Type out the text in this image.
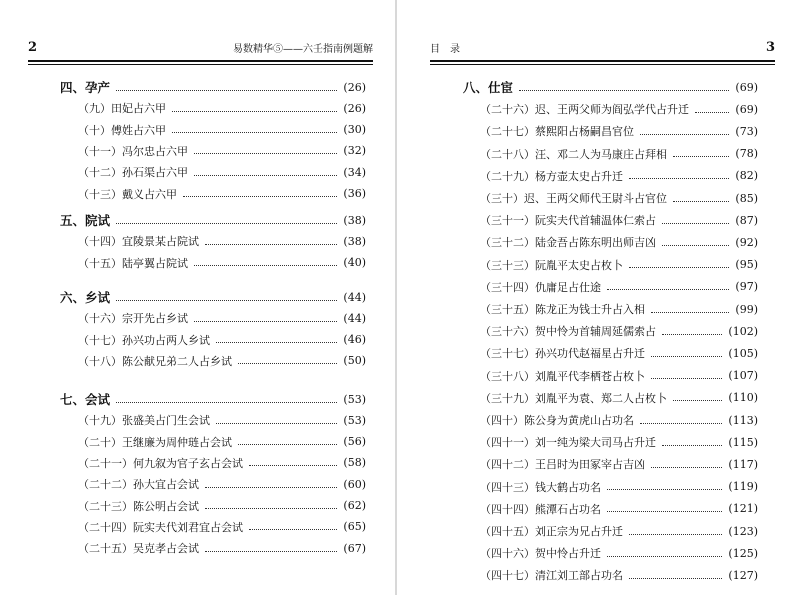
2	易数精华⑤——六壬指南例题解
四、孕产	(26)
（九）田妃占六甲	(26)
（十）傅姓占六甲	(30)
（十一）冯尔忠占六甲	(32)
（十二）孙石渠占六甲	(34)
（十三）戴义占六甲	(36)
五、院试	(38)
（十四）宜陵景某占院试	(38)
（十五）陆亭翼占院试	(40)
六、乡试	(44)
（十六）宗开先占乡试	(44)
（十七）孙兴功占两人乡试	(46)
（十八）陈公献兄弟二人占乡试	(50)
七、会试	(53)
（十九）张盛美占门生会试	(53)
（二十）王继廉为周仲琏占会试	(56)
（二十一）何九叙为官子玄占会试	(58)
（二十二）孙大宜占会试	(60)
（二十三）陈公明占会试	(62)
（二十四）阮实夫代刘君宜占会试	(65)
（二十五）吴克孝占会试	(67)
目　录	3
八、仕宦	(69)
（二十六）迟、王两父师为阎弘学代占升迁	(69)
（二十七）蔡熙阳占杨嗣昌官位	(73)
（二十八）汪、邓二人为马康庄占拜相	(78)
（二十九）杨方壶太史占升迁	(82)
（三十）迟、王两父师代王尉斗占官位	(85)
（三十一）阮实夫代首辅温体仁索占	(87)
（三十二）陆金吾占陈东明出师吉凶	(92)
（三十三）阮胤平太史占枚卜	(95)
（三十四）仇庸足占仕途	(97)
（三十五）陈龙正为钱士升占入相	(99)
（三十六）贺中怜为首辅周延儒索占	(102)
（三十七）孙兴功代赵福星占升迁	(105)
（三十八）刘胤平代李栖苍占枚卜	(107)
（三十九）刘胤平为袁、郑二人占枚卜	(110)
（四十）陈公身为黄虎山占功名	(113)
（四十一）刘一纯为梁大司马占升迁	(115)
（四十二）王吕时为田冢宰占吉凶	(117)
（四十三）钱大鹤占功名	(119)
（四十四）熊潭石占功名	(121)
（四十五）刘正宗为兄占升迁	(123)
（四十六）贺中怜占升迁	(125)
（四十七）清江刘工部占功名	(127)
